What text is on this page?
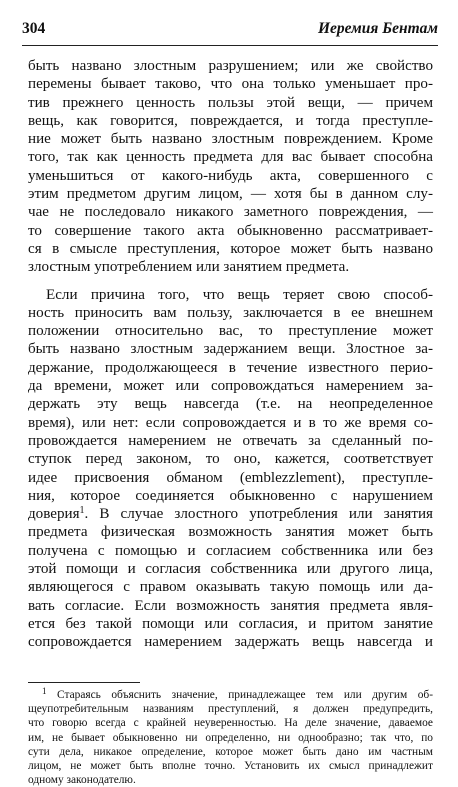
304	Иеремия Бентам

быть названо злостным разрушением; или же свойство
перемены бывает таково, что она только уменьшает про-
тив прежнего ценность пользы этой вещи, — причем
вещь, как говорится, повреждается, и тогда преступле-
ние может быть названо злостным повреждением. Кроме
того, так как ценность предмета для вас бывает способна
уменьшиться от какого-нибудь акта, совершенного с
этим предметом другим лицом, — хотя бы в данном слу-
чае не последовало никакого заметного повреждения, —
то совершение такого акта обыкновенно рассматривает-
ся в смысле преступления, которое может быть названо
злостным употреблением или занятием предмета.

Если причина того, что вещь теряет свою способ-
ность приносить вам пользу, заключается в ее внешнем
положении относительно вас, то преступление может
быть названо злостным задержанием вещи. Злостное за-
держание, продолжающееся в течение известного перио-
да времени, может или сопровождаться намерением за-
держать эту вещь навсегда (т.е. на неопределенное
время), или нет: если сопровождается и в то же время со-
провождается намерением не отвечать за сделанный по-
ступок перед законом, то оно, кажется, соответствует
идее присвоения обманом (emblezzlement), преступле-
ния, которое соединяется обыкновенно с нарушением
доверия$^1$. В случае злостного употребления или занятия
предмета физическая возможность занятия может быть
получена с помощью и согласием собственника или без
этой помощи и согласия собственника или другого лица,
являющегося с правом оказывать такую помощь или да-
вать согласие. Если возможность занятия предмета явля-
ется без такой помощи или согласия, и притом занятие
сопровождается намерением задержать вещь навсегда и

$^1$ Стараясь объяснить значение, принадлежащее тем или другим об-
щеупотребительным названиям преступлений, я должен предупредить,
что говорю всегда с крайней неуверенностью. На деле значение, даваемое
им, не бывает обыкновенно ни определенно, ни однообразно; так что, по
сути дела, никакое определение, которое может быть дано им частным
лицом, не может быть вполне точно. Установить их смысл принадлежит
одному законодателю.
